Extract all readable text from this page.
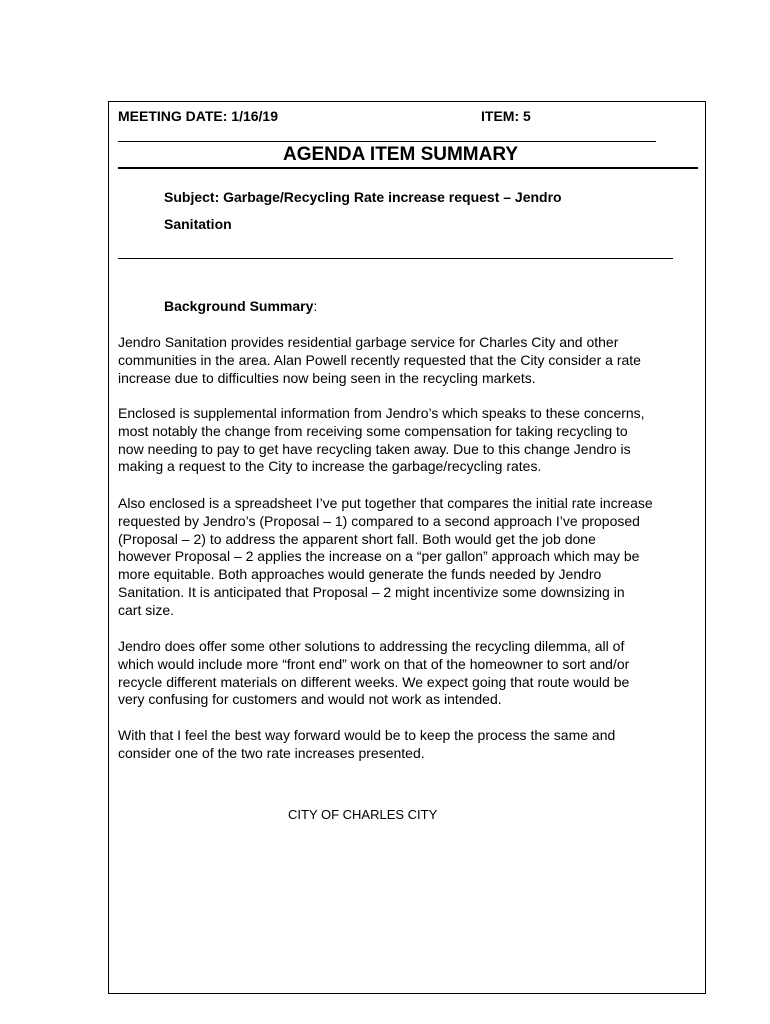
MEETING DATE: 1/16/19	ITEM: 5
AGENDA ITEM SUMMARY
Subject: Garbage/Recycling Rate increase request – Jendro
Sanitation
Background Summary:
Jendro Sanitation provides residential garbage service for Charles City and other
communities in the area. Alan Powell recently requested that the City consider a rate
increase due to difficulties now being seen in the recycling markets.
Enclosed is supplemental information from Jendro’s which speaks to these concerns,
most notably the change from receiving some compensation for taking recycling to
now needing to pay to get have recycling taken away. Due to this change Jendro is
making a request to the City to increase the garbage/recycling rates.
Also enclosed is a spreadsheet I’ve put together that compares the initial rate increase
requested by Jendro’s (Proposal – 1) compared to a second approach I’ve proposed
(Proposal – 2) to address the apparent short fall. Both would get the job done
however Proposal – 2 applies the increase on a “per gallon” approach which may be
more equitable. Both approaches would generate the funds needed by Jendro
Sanitation. It is anticipated that Proposal – 2 might incentivize some downsizing in
cart size.
Jendro does offer some other solutions to addressing the recycling dilemma, all of
which would include more “front end” work on that of the homeowner to sort and/or
recycle different materials on different weeks. We expect going that route would be
very confusing for customers and would not work as intended.
With that I feel the best way forward would be to keep the process the same and
consider one of the two rate increases presented.
CITY OF CHARLES CITY
